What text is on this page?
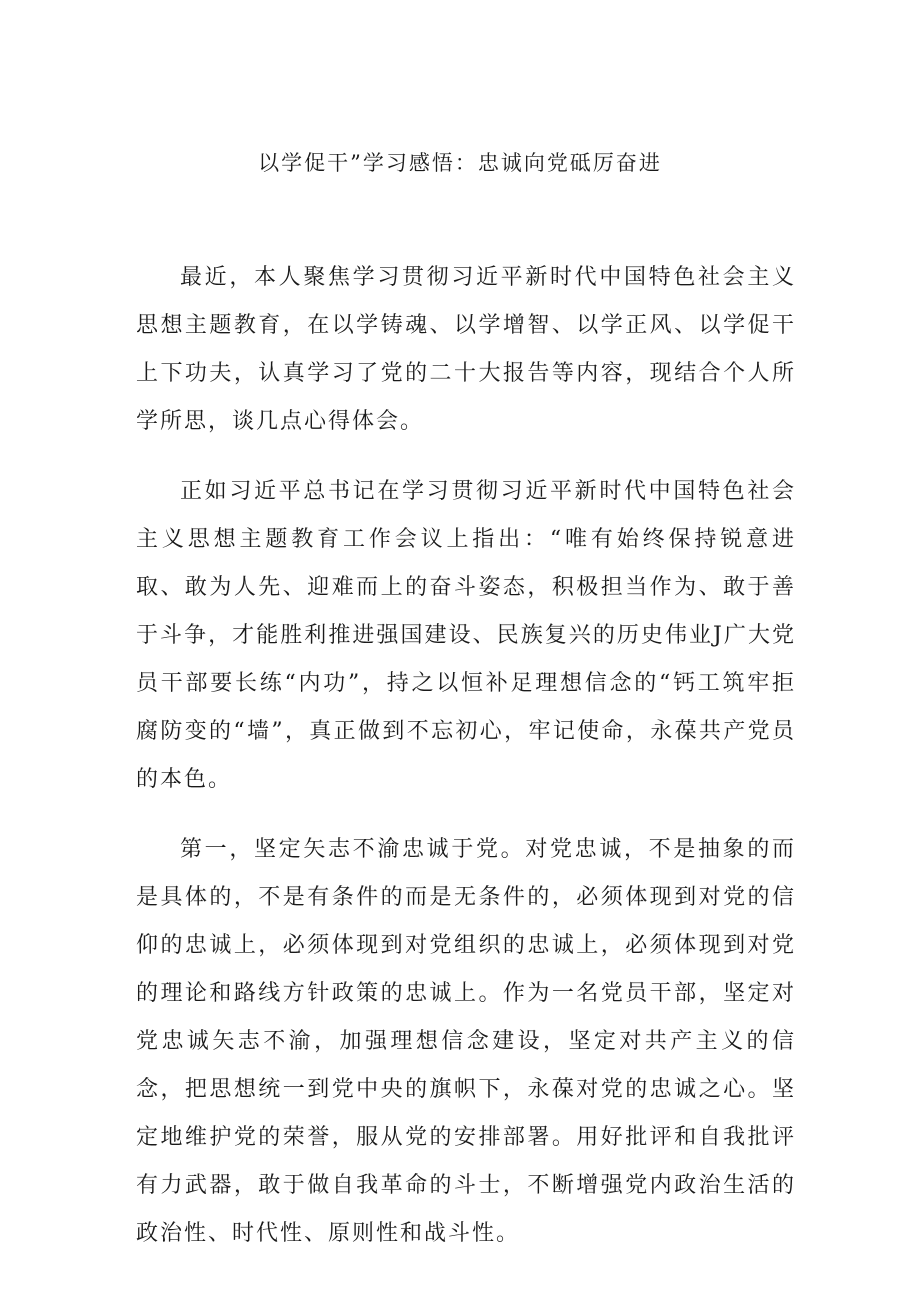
以学促干”学习感悟：忠诚向党砥厉奋进

最近，本人聚焦学习贯彻习近平新时代中国特色社会主义思想主题教育，在以学铸魂、以学增智、以学正风、以学促干上下功夫，认真学习了党的二十大报告等内容，现结合个人所学所思，谈几点心得体会。

正如习近平总书记在学习贯彻习近平新时代中国特色社会主义思想主题教育工作会议上指出：“唯有始终保持锐意进取、敢为人先、迎难而上的奋斗姿态，积极担当作为、敢于善于斗争，才能胜利推进强国建设、民族复兴的历史伟业J广大党员干部要长练“内功”，持之以恒补足理想信念的“钙工筑牢拒腐防变的“墙”，真正做到不忘初心，牢记使命，永葆共产党员的本色。

第一，坚定矢志不渝忠诚于党。对党忠诚，不是抽象的而是具体的，不是有条件的而是无条件的，必须体现到对党的信仰的忠诚上，必须体现到对党组织的忠诚上，必须体现到对党的理论和路线方针政策的忠诚上。作为一名党员干部，坚定对党忠诚矢志不渝，加强理想信念建设，坚定对共产主义的信念，把思想统一到党中央的旗帜下，永葆对党的忠诚之心。坚定地维护党的荣誉，服从党的安排部署。用好批评和自我批评有力武器，敢于做自我革命的斗士，不断增强党内政治生活的政治性、时代性、原则性和战斗性。
